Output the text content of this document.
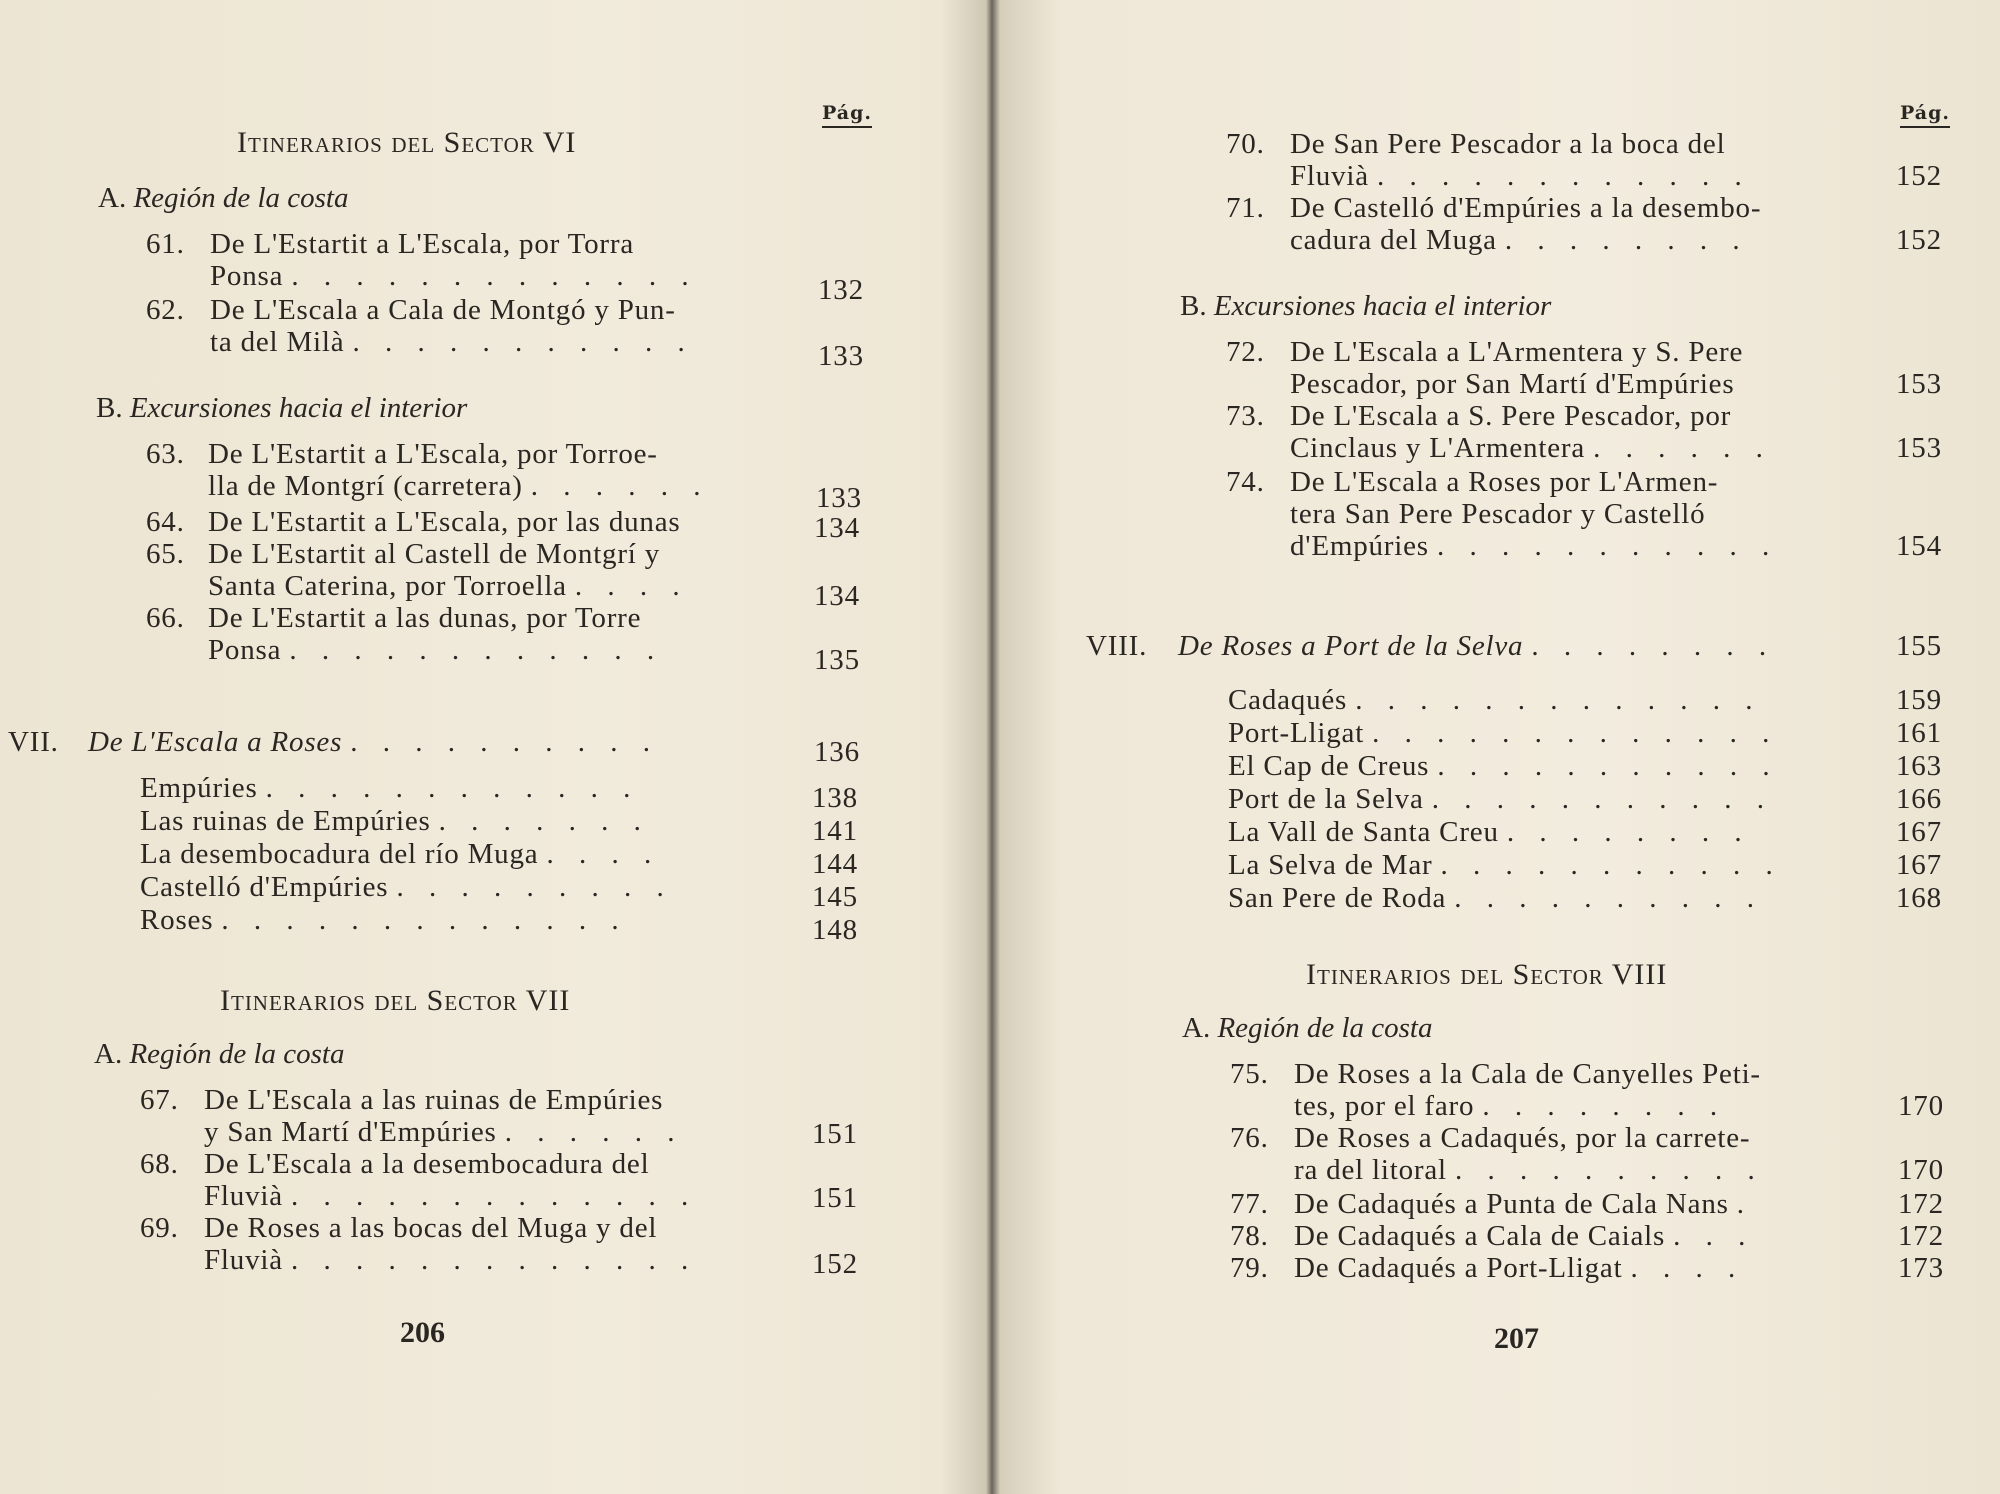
Pág.
Itinerarios del Sector VI
A. Región de la costa
61. De L'Estartit a L'Escala, por Torra
Ponsa . . . . . . . . . . . . .	132
62. De L'Escala a Cala de Montgó y Pun-
ta del Milà . . . . . . . . . . .	133
B. Excursiones hacia el interior
63. De L'Estartit a L'Escala, por Torroe-
lla de Montgrí (carretera) . . . . . .	133
64. De L'Estartit a L'Escala, por las dunas	134
65. De L'Estartit al Castell de Montgrí y
Santa Caterina, por Torroella . . . .	134
66. De L'Estartit a las dunas, por Torre
Ponsa . . . . . . . . . . . .	135
VII. De L'Escala a Roses . . . . . . . . . .	136
Empúries . . . . . . . . . . . .	138
Las ruinas de Empúries . . . . . . .	141
La desembocadura del río Muga . . . .	144
Castelló d'Empúries . . . . . . . . .	145
Roses . . . . . . . . . . . . .	148
Itinerarios del Sector VII
A. Región de la costa
67. De L'Escala a las ruinas de Empúries
y San Martí d'Empúries . . . . . .	151
68. De L'Escala a la desembocadura del
Fluvià . . . . . . . . . . . . .	151
69. De Roses a las bocas del Muga y del
Fluvià . . . . . . . . . . . . .	152
206
Pág.
70. De San Pere Pescador a la boca del
Fluvià . . . . . . . . . . . .	152
71. De Castelló d'Empúries a la desembo-
cadura del Muga . . . . . . . .	152
B. Excursiones hacia el interior
72. De L'Escala a L'Armentera y S. Pere
Pescador, por San Martí d'Empúries	153
73. De L'Escala a S. Pere Pescador, por
Cinclaus y L'Armentera . . . . . .	153
74. De L'Escala a Roses por L'Armen-
tera San Pere Pescador y Castelló
d'Empúries . . . . . . . . . . .	154
VIII. De Roses a Port de la Selva . . . . . . . .	155
Cadaqués . . . . . . . . . . . . .	159
Port-Lligat . . . . . . . . . . . . .	161
El Cap de Creus . . . . . . . . . . .	163
Port de la Selva . . . . . . . . . . .	166
La Vall de Santa Creu . . . . . . . .	167
La Selva de Mar . . . . . . . . . . .	167
San Pere de Roda . . . . . . . . . .	168
Itinerarios del Sector VIII
A. Región de la costa
75. De Roses a la Cala de Canyelles Peti-
tes, por el faro . . . . . . . .	170
76. De Roses a Cadaqués, por la carrete-
ra del litoral . . . . . . . . . .	170
77. De Cadaqués a Punta de Cala Nans .	172
78. De Cadaqués a Cala de Caials . . .	172
79. De Cadaqués a Port-Lligat . . . .	173
207
